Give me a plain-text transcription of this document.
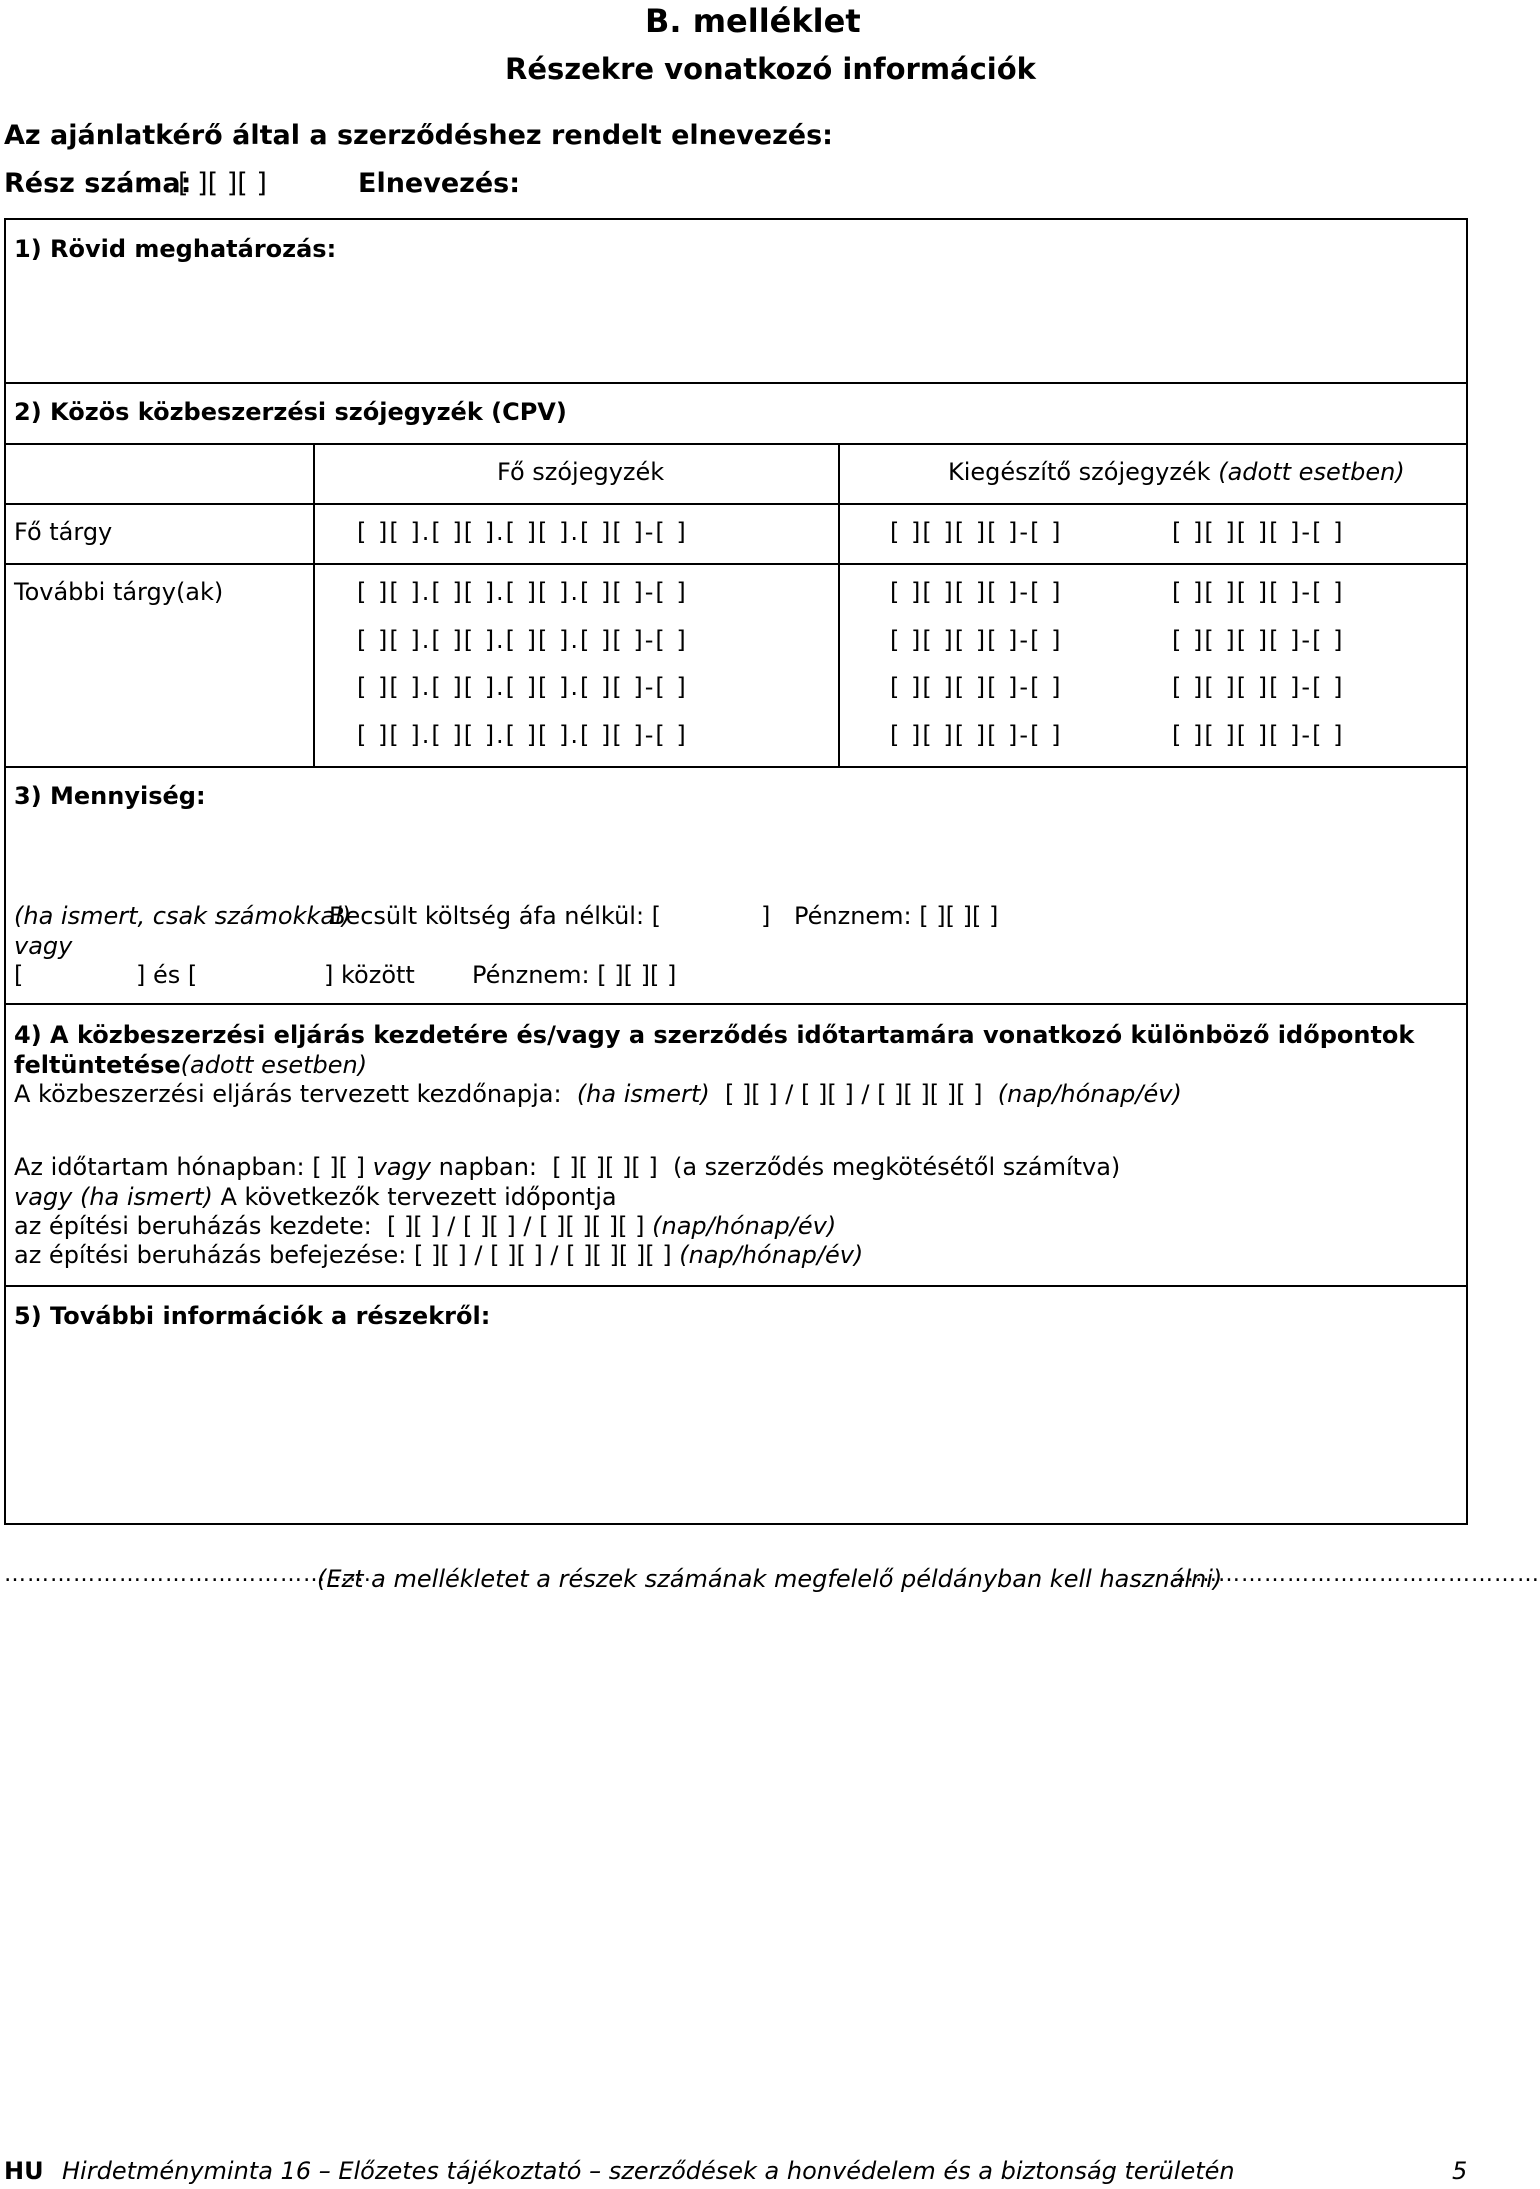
B. melléklet
Részekre vonatkozó információk
Az ajánlatkérő által a szerződéshez rendelt elnevezés:
Rész száma:
[ ][ ][ ]	Elnevezés:
1) Rövid meghatározás:
2) Közös közbeszerzési szójegyzék (CPV)
Fő szójegyzék	Kiegészítő szójegyzék (adott esetben)
Fő tárgy	[ ][ ].[ ][ ].[ ][ ].[ ][ ]-[ ]	[ ][ ][ ][ ]-[ ]	[ ][ ][ ][ ]-[ ]
További tárgy(ak)	[ ][ ].[ ][ ].[ ][ ].[ ][ ]-[ ]	[ ][ ][ ][ ]-[ ]	[ ][ ][ ][ ]-[ ]
[ ][ ].[ ][ ].[ ][ ].[ ][ ]-[ ]	[ ][ ][ ][ ]-[ ]	[ ][ ][ ][ ]-[ ]
[ ][ ].[ ][ ].[ ][ ].[ ][ ]-[ ]	[ ][ ][ ][ ]-[ ]	[ ][ ][ ][ ]-[ ]
[ ][ ].[ ][ ].[ ][ ].[ ][ ]-[ ]	[ ][ ][ ][ ]-[ ]	[ ][ ][ ][ ]-[ ]
3) Mennyiség:
(ha ismert, csak számokkal)
Becsült költség áfa nélkül: [	] Pénznem: [ ][ ][ ]
vagy
[	] és [	] között Pénznem: [ ][ ][ ]
4) A közbeszerzési eljárás kezdetére és/vagy a szerződés időtartamára vonatkozó különböző időpontok feltüntetése(adott esetben)
A közbeszerzési eljárás tervezett kezdőnapja: (ha ismert) [ ][ ] / [ ][ ] / [ ][ ][ ][ ] (nap/hónap/év)
Az időtartam hónapban: [ ][ ] vagy napban: [ ][ ][ ][ ] (a szerződés megkötésétől számítva)
vagy (ha ismert) A következők tervezett időpontja
az építési beruházás kezdete: [ ][ ] / [ ][ ] / [ ][ ][ ][ ] (nap/hónap/év)
az építési beruházás befejezése: [ ][ ] / [ ][ ] / [ ][ ][ ][ ] (nap/hónap/év)
5) További információk a részekről:
…………………………………………
(Ezt a mellékletet a részek számának megfelelő példányban kell használni)
…………………………………………
HU Hirdetményminta 16 – Előzetes tájékoztató – szerződések a honvédelem és a biztonság területén	5
